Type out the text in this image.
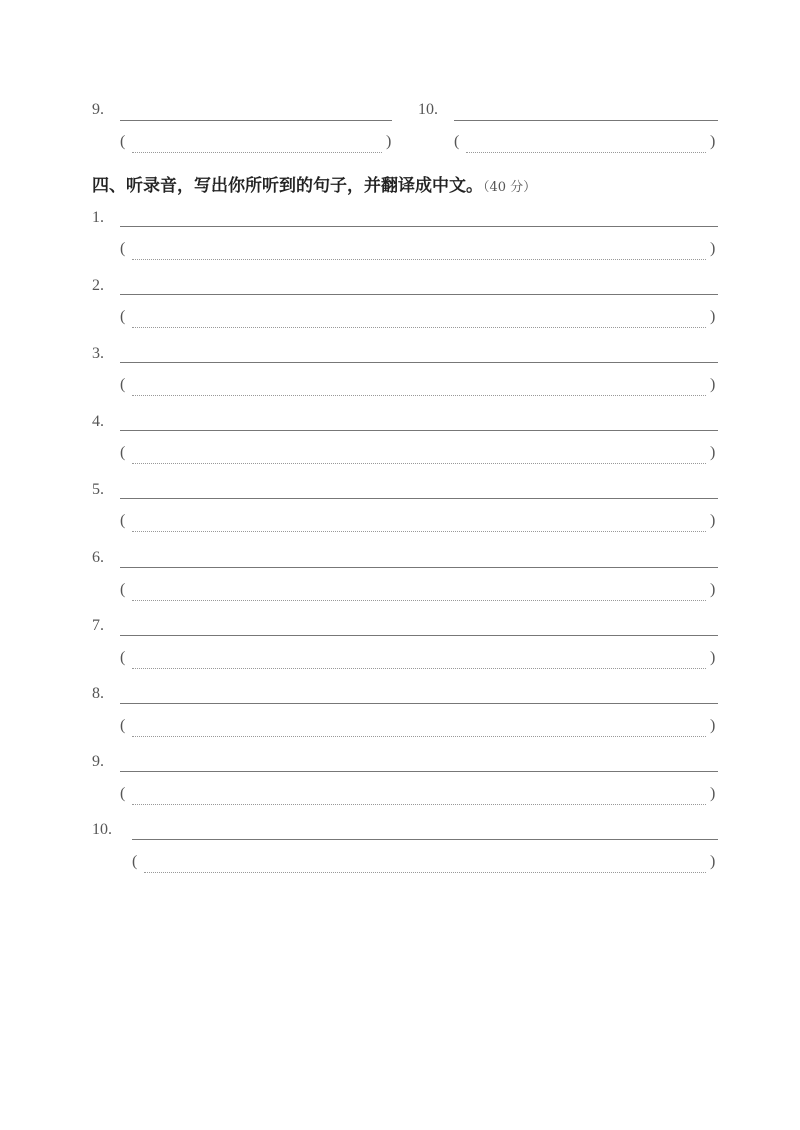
9.
(	)
10.
(	)
四、听录音，写出你所听到的句子，并翻译成中文。（40 分）
1.
(	)
2.
(	)
3.
(	)
4.
(	)
5.
(	)
6.
(	)
7.
(	)
8.
(	)
9.
(	)
10.
(	)
